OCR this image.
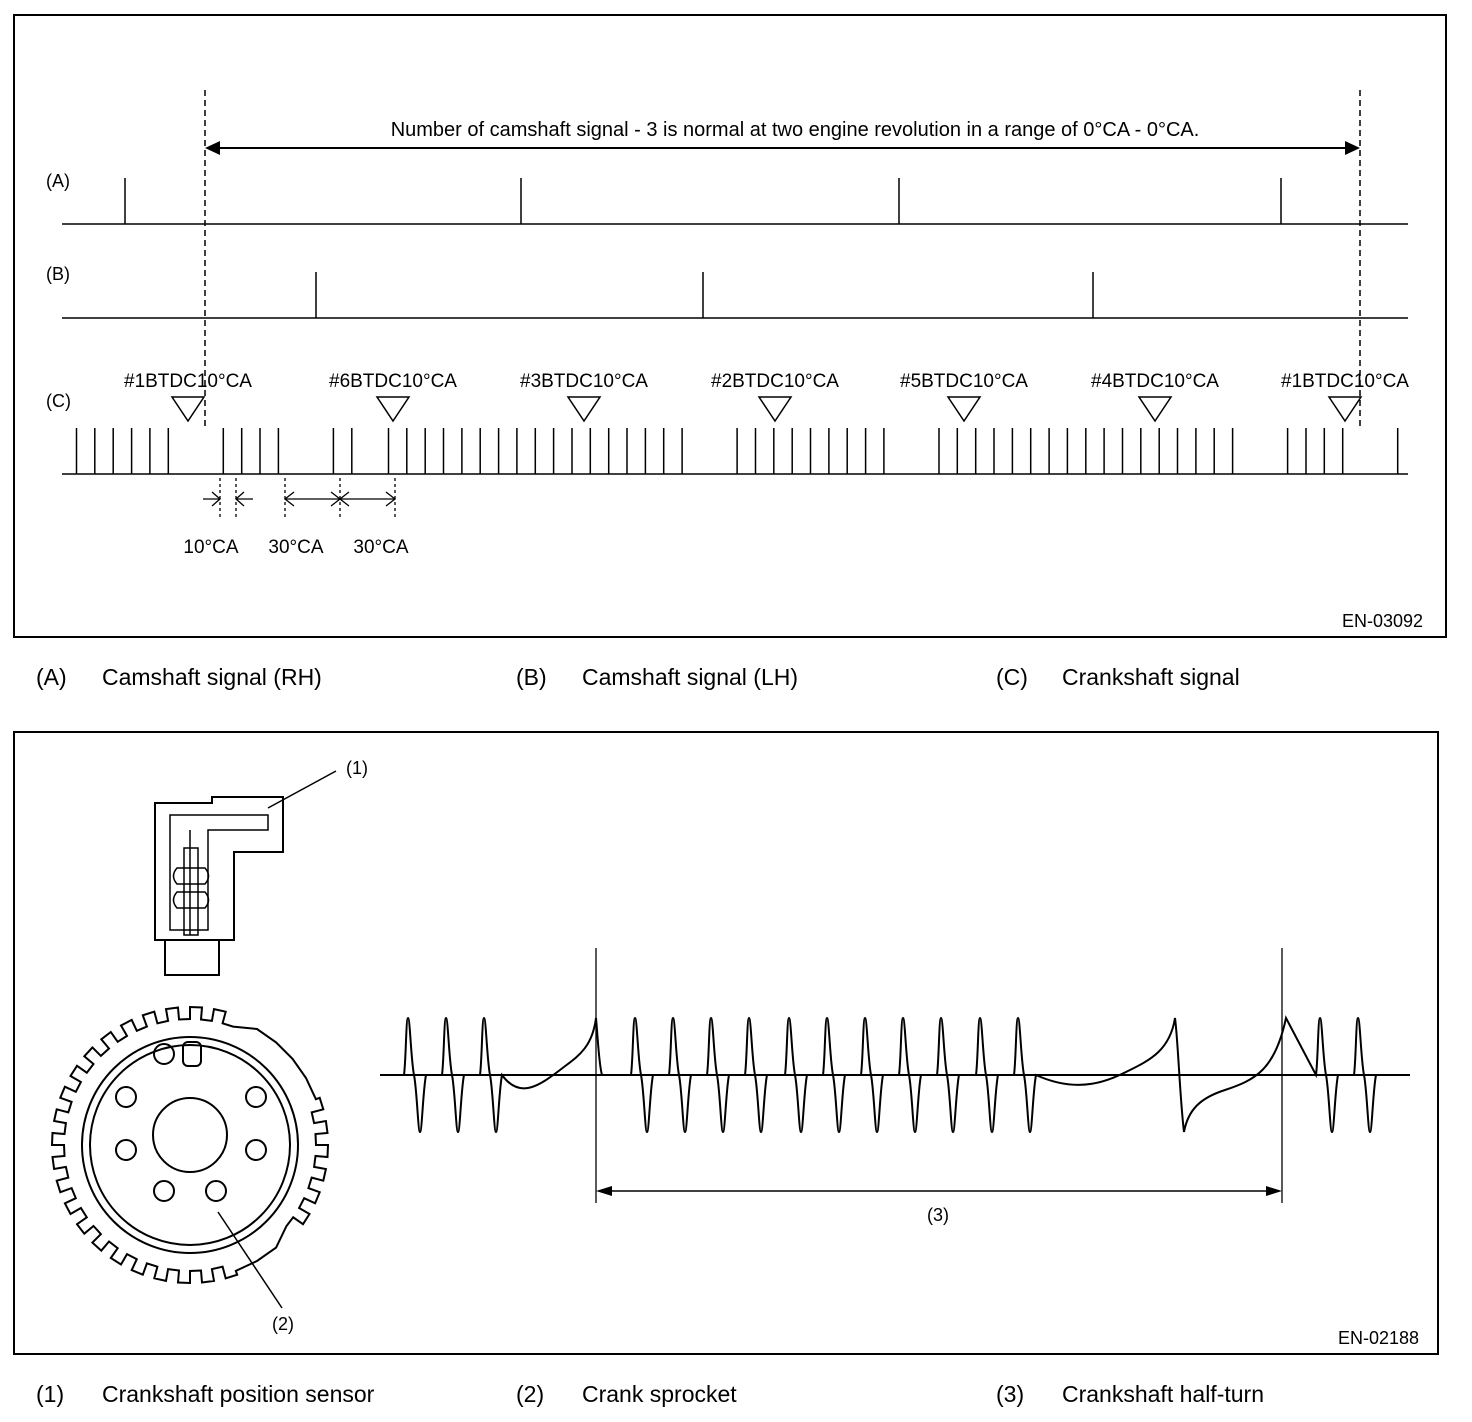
#1BTDC10°CA	#6BTDC10°CA	#3BTDC10°CA	#2BTDC10°CA	#5BTDC10°CA	#4BTDC10°CA	#1BTDC10°CA
Number of camshaft signal - 3 is normal at two engine revolution in a range of 0°CA - 0°CA.
(A)
(B)
(C)
10°CA 30°CA 30°CA
EN-03092
(A) Camshaft signal (RH)	(B) Camshaft signal (LH)	(C) Crankshaft signal
(1)
(2)
(3)
EN-02188
(1) Crankshaft position sensor	(2) Crank sprocket	(3) Crankshaft half-turn
